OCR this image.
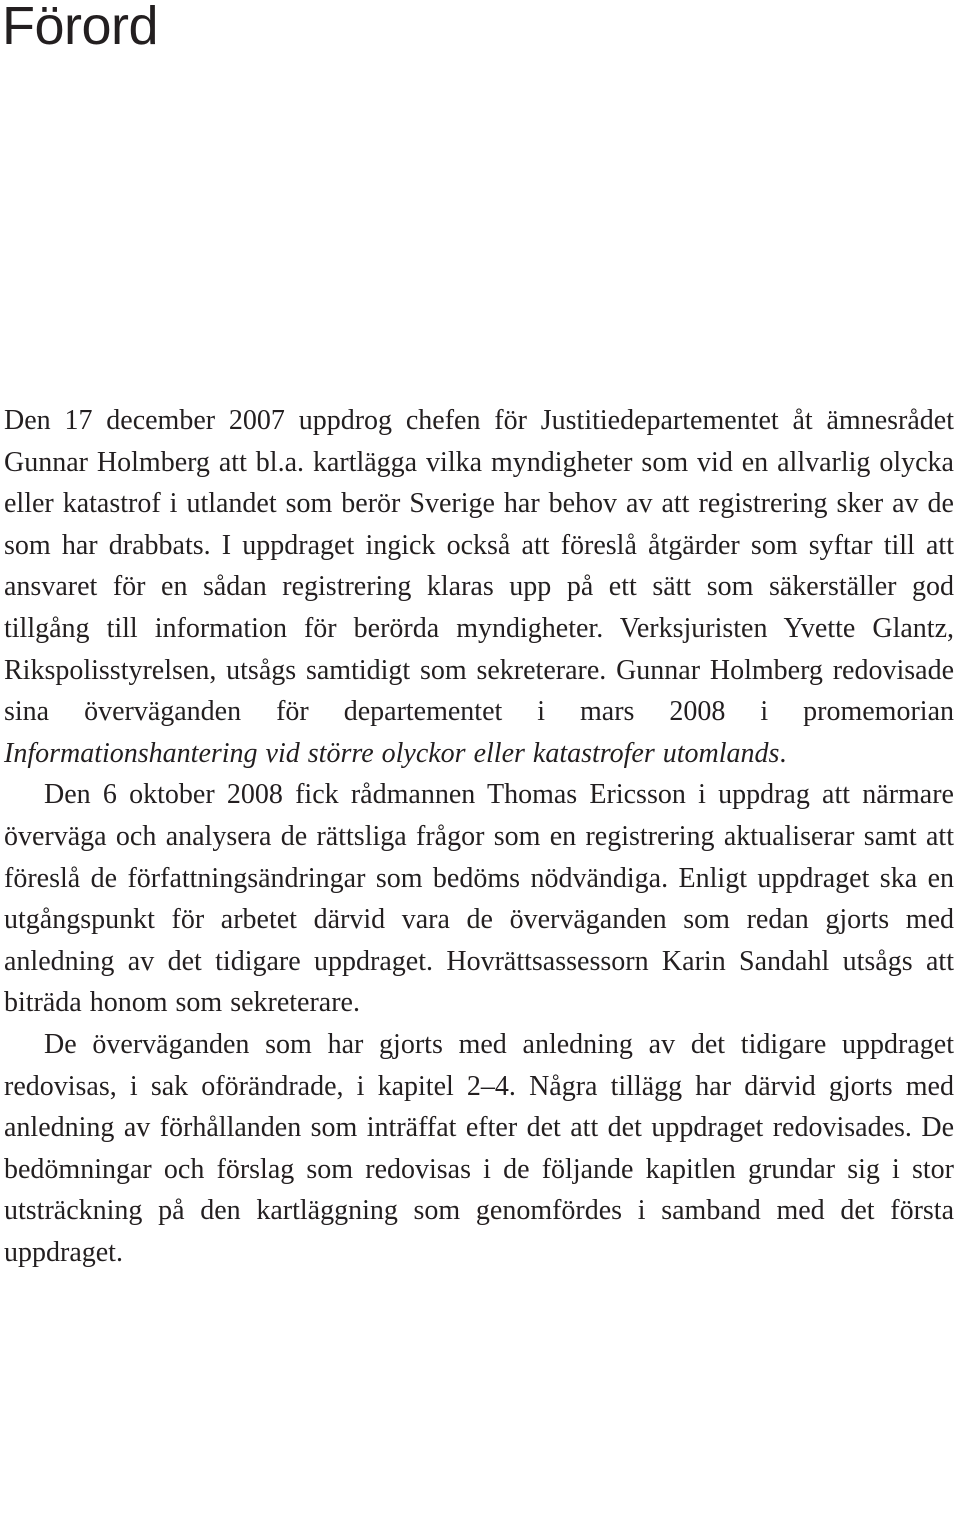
Förord

Den 17 december 2007 uppdrog chefen för Justitiedepartementet åt ämnesrådet Gunnar Holmberg att bl.a. kartlägga vilka myndigheter som vid en allvarlig olycka eller katastrof i utlandet som berör Sverige har behov av att registrering sker av de som har drabbats. I uppdraget ingick också att föreslå åtgärder som syftar till att ansvaret för en sådan registrering klaras upp på ett sätt som säkerställer god tillgång till information för berörda myndigheter. Verksjuristen Yvette Glantz, Rikspolisstyrelsen, utsågs samtidigt som sekreterare. Gunnar Holmberg redovisade sina överväganden för departementet i mars 2008 i promemorian Informationshantering vid större olyckor eller katastrofer utomlands.

Den 6 oktober 2008 fick rådmannen Thomas Ericsson i uppdrag att närmare överväga och analysera de rättsliga frågor som en registrering aktualiserar samt att föreslå de författningsändringar som bedöms nödvändiga. Enligt uppdraget ska en utgångspunkt för arbetet därvid vara de överväganden som redan gjorts med anledning av det tidigare uppdraget. Hovrättsassessorn Karin Sandahl utsågs att biträda honom som sekreterare.

De överväganden som har gjorts med anledning av det tidigare uppdraget redovisas, i sak oförändrade, i kapitel 2–4. Några tillägg har därvid gjorts med anledning av förhållanden som inträffat efter det att det uppdraget redovisades. De bedömningar och förslag som redovisas i de följande kapitlen grundar sig i stor utsträckning på den kartläggning som genomfördes i samband med det första uppdraget.
